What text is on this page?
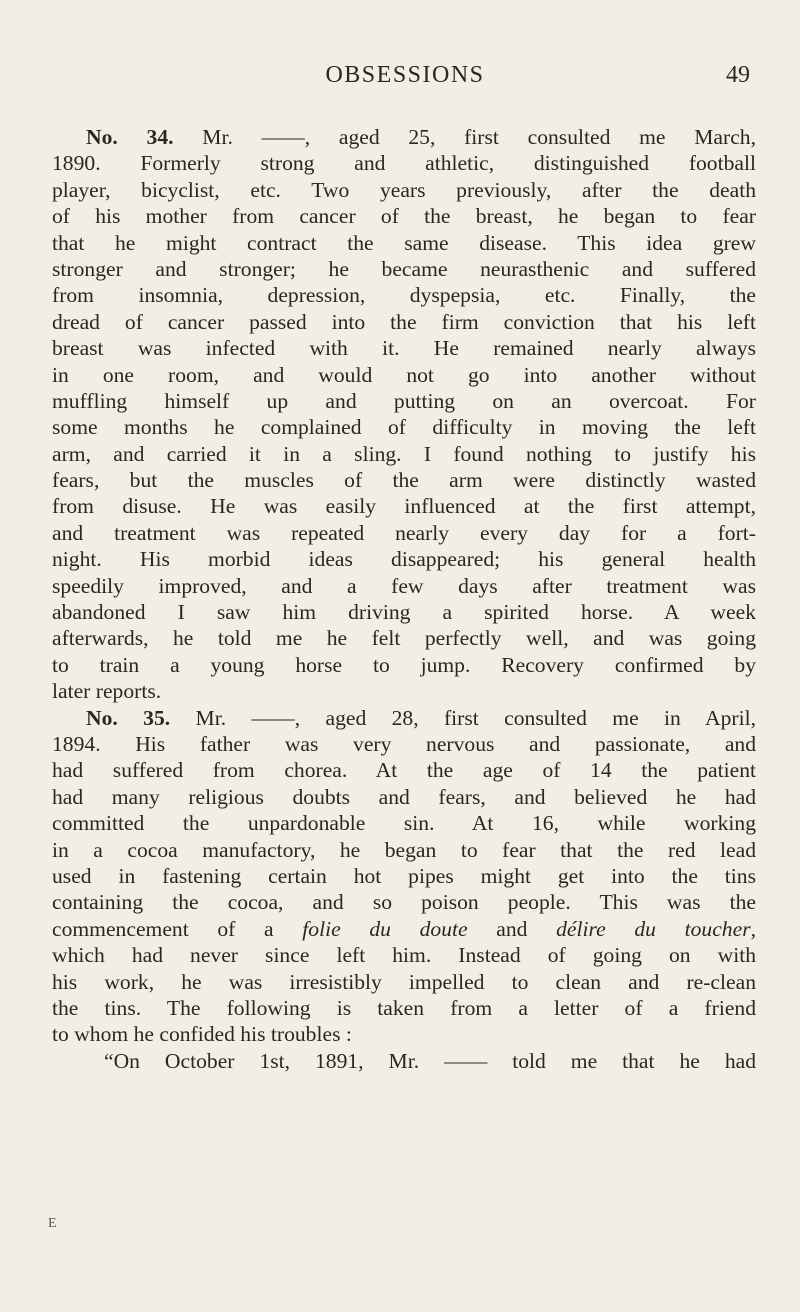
OBSESSIONS	49
No. 34. Mr. ——, aged 25, first consulted me March,
1890. Formerly strong and athletic, distinguished football
player, bicyclist, etc. Two years previously, after the death
of his mother from cancer of the breast, he began to fear
that he might contract the same disease. This idea grew
stronger and stronger; he became neurasthenic and suffered
from insomnia, depression, dyspepsia, etc. Finally, the
dread of cancer passed into the firm conviction that his left
breast was infected with it. He remained nearly always
in one room, and would not go into another without
muffling himself up and putting on an overcoat. For
some months he complained of difficulty in moving the left
arm, and carried it in a sling. I found nothing to justify his
fears, but the muscles of the arm were distinctly wasted
from disuse. He was easily influenced at the first attempt,
and treatment was repeated nearly every day for a fort-
night. His morbid ideas disappeared; his general health
speedily improved, and a few days after treatment was
abandoned I saw him driving a spirited horse. A week
afterwards, he told me he felt perfectly well, and was going
to train a young horse to jump. Recovery confirmed by
later reports.
No. 35. Mr. ——, aged 28, first consulted me in April,
1894. His father was very nervous and passionate, and
had suffered from chorea. At the age of 14 the patient
had many religious doubts and fears, and believed he had
committed the unpardonable sin. At 16, while working
in a cocoa manufactory, he began to fear that the red lead
used in fastening certain hot pipes might get into the tins
containing the cocoa, and so poison people. This was the
commencement of a folie du doute and délire du toucher,
which had never since left him. Instead of going on with
his work, he was irresistibly impelled to clean and re-clean
the tins. The following is taken from a letter of a friend
to whom he confided his troubles :
“On October 1st, 1891, Mr. —— told me that he had
E
